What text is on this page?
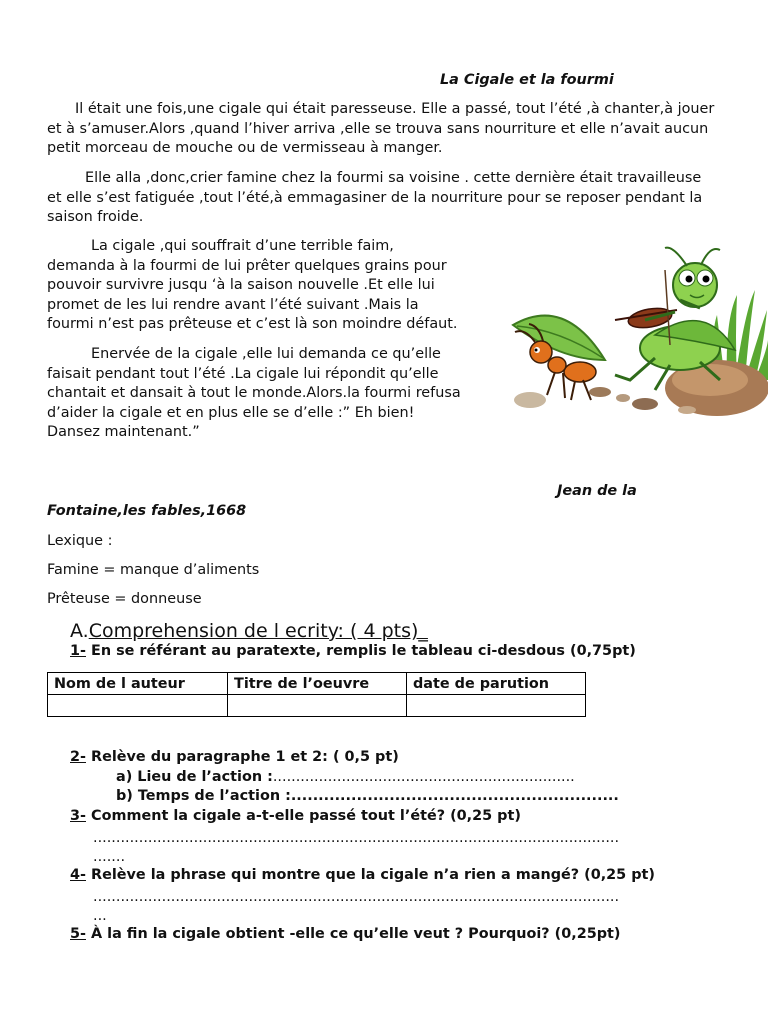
La Cigale et la fourmi
Il était une fois,une cigale qui était paresseuse. Elle a passé, tout l’été ,à chanter,à jouer et à s’amuser.Alors ,quand l’hiver arriva ,elle se trouva sans nourriture et elle n’avait aucun petit morceau de mouche ou de vermisseau à manger.
Elle alla ,donc,crier famine chez la fourmi sa voisine . cette dernière était travailleuse et elle s’est fatiguée ,tout l’été,à emmagasiner de la nourriture pour se reposer pendant la saison froide.
La cigale ,qui souffrait d’une terrible faim,
demanda à la fourmi de lui prêter quelques grains pour
pouvoir survivre jusqu ‘à la saison nouvelle .Et elle lui
promet de les lui rendre avant l’été suivant .Mais la
fourmi n’est pas prêteuse et c’est là son moindre défaut.
Enervée de la cigale ,elle lui demanda ce qu’elle
faisait pendant tout l’été .La cigale lui répondit qu’elle
chantait et dansait à tout le monde.Alors.la fourmi refusa
d’aider la cigale et en plus elle se d’elle :” Eh bien!
Dansez maintenant.”
Jean de la
Fontaine,les fables,1668
Lexique :
Famine = manque d’aliments
Prêteuse = donneuse
A.Comprehension de l ecrity: ( 4 pts)_
1- En se référant au paratexte, remplis le tableau ci-desdous (0,75pt)
Nom de l auteur	Titre de l’oeuvre	date de parution

2- Relève du paragraphe 1 et 2: ( 0,5 pt)
a) Lieu de l’action :..................................................................
b) Temps de l’action :............................................................
3- Comment la cigale a-t-elle passé tout l’été? (0,25 pt)
...................................................................................................................
.......
4- Relève la phrase qui montre que la cigale n’a rien a mangé? (0,25 pt)
...................................................................................................................
...
5- À la fin la cigale obtient -elle ce qu’elle veut ? Pourquoi? (0,25pt)
